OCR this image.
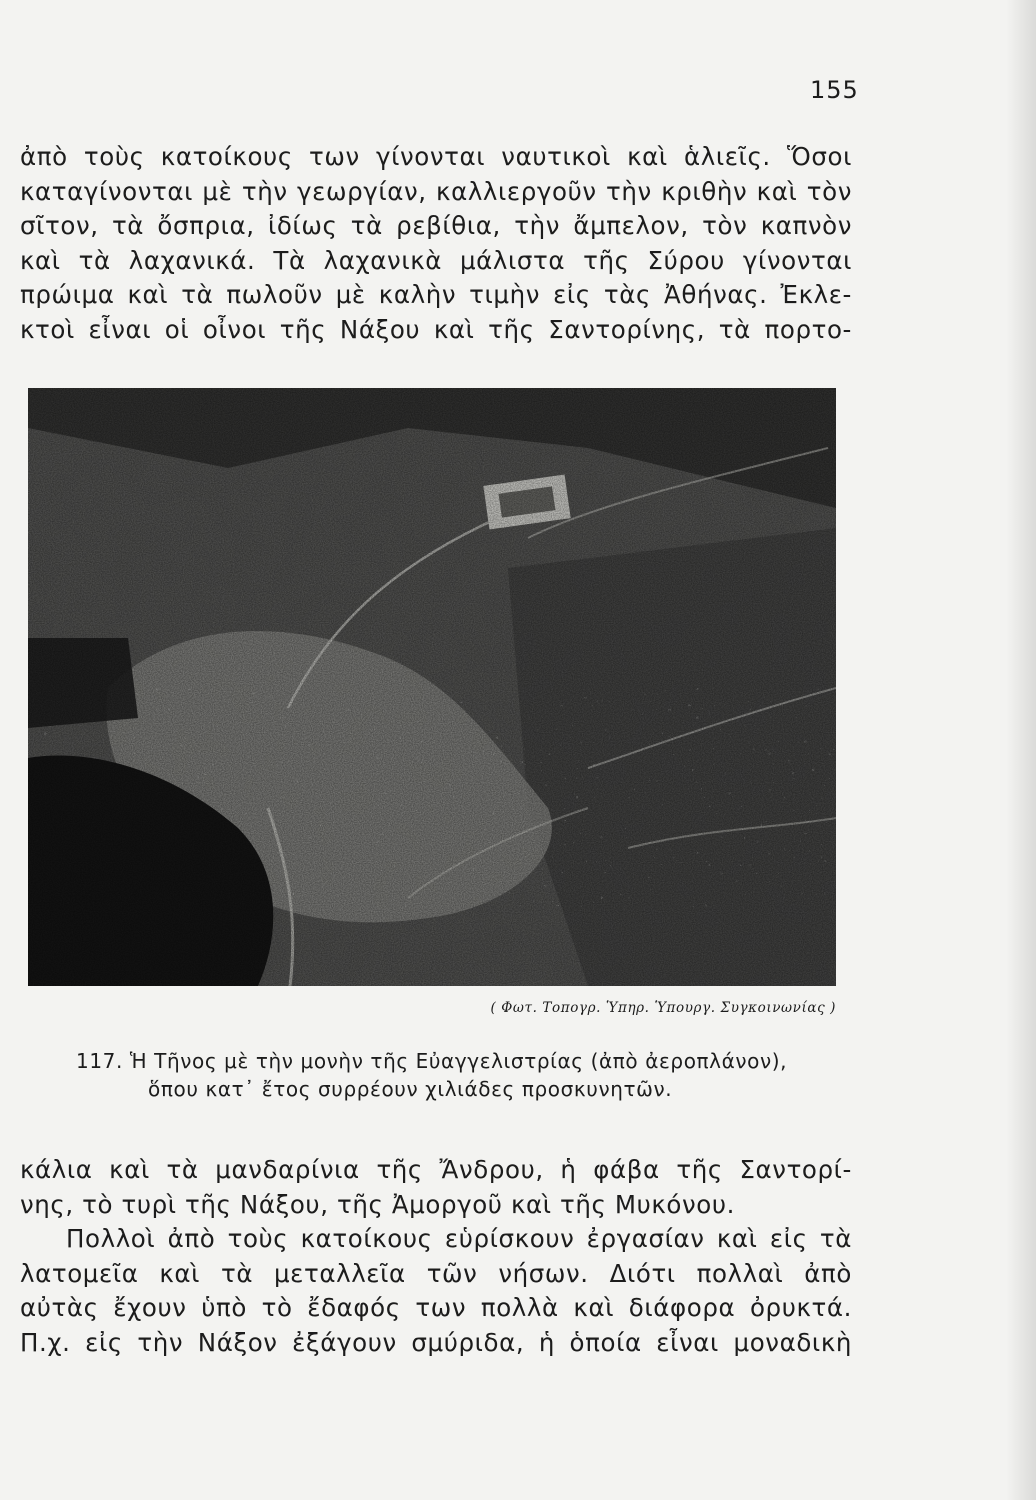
155

ἀπὸ τοὺς κατοίκους των γίνονται ναυτικοὶ καὶ ἁλιεῖς. Ὅσοι
καταγίνονται μὲ τὴν γεωργίαν, καλλιεργοῦν τὴν κριθὴν καὶ τὸν
σῖτον, τὰ ὄσπρια, ἰδίως τὰ ρεβίθια, τὴν ἄμπελον, τὸν καπνὸν
καὶ τὰ λαχανικά. Τὰ λαχανικὰ μάλιστα τῆς Σύρου γίνονται
πρώιμα καὶ τὰ πωλοῦν μὲ καλὴν τιμὴν εἰς τὰς Ἀθήνας. Ἐκλε-
κτοὶ εἶναι οἱ οἶνοι τῆς Νάξου καὶ τῆς Σαντορίνης, τὰ πορτο-

( Φωτ. Τοπογρ. Ὑπηρ. Ὑπουργ. Συγκοινωνίας )
117. Ἡ Τῆνος μὲ τὴν μονὴν τῆς Εὐαγγελιστρίας (ἀπὸ ἀεροπλάνον),
ὅπου κατ᾽ ἔτος συρρέουν χιλιάδες προσκυνητῶν.

κάλια καὶ τὰ μανδαρίνια τῆς Ἄνδρου, ἡ φάβα τῆς Σαντορί-
νης, τὸ τυρὶ τῆς Νάξου, τῆς Ἀμοργοῦ καὶ τῆς Μυκόνου.

Πολλοὶ ἀπὸ τοὺς κατοίκους εὑρίσκουν ἐργασίαν καὶ εἰς τὰ
λατομεῖα καὶ τὰ μεταλλεῖα τῶν νήσων. Διότι πολλαὶ ἀπὸ
αὐτὰς ἔχουν ὑπὸ τὸ ἔδαφός των πολλὰ καὶ διάφορα ὀρυκτά.
Π.χ. εἰς τὴν Νάξον ἐξάγουν σμύριδα, ἡ ὁποία εἶναι μοναδικὴ
